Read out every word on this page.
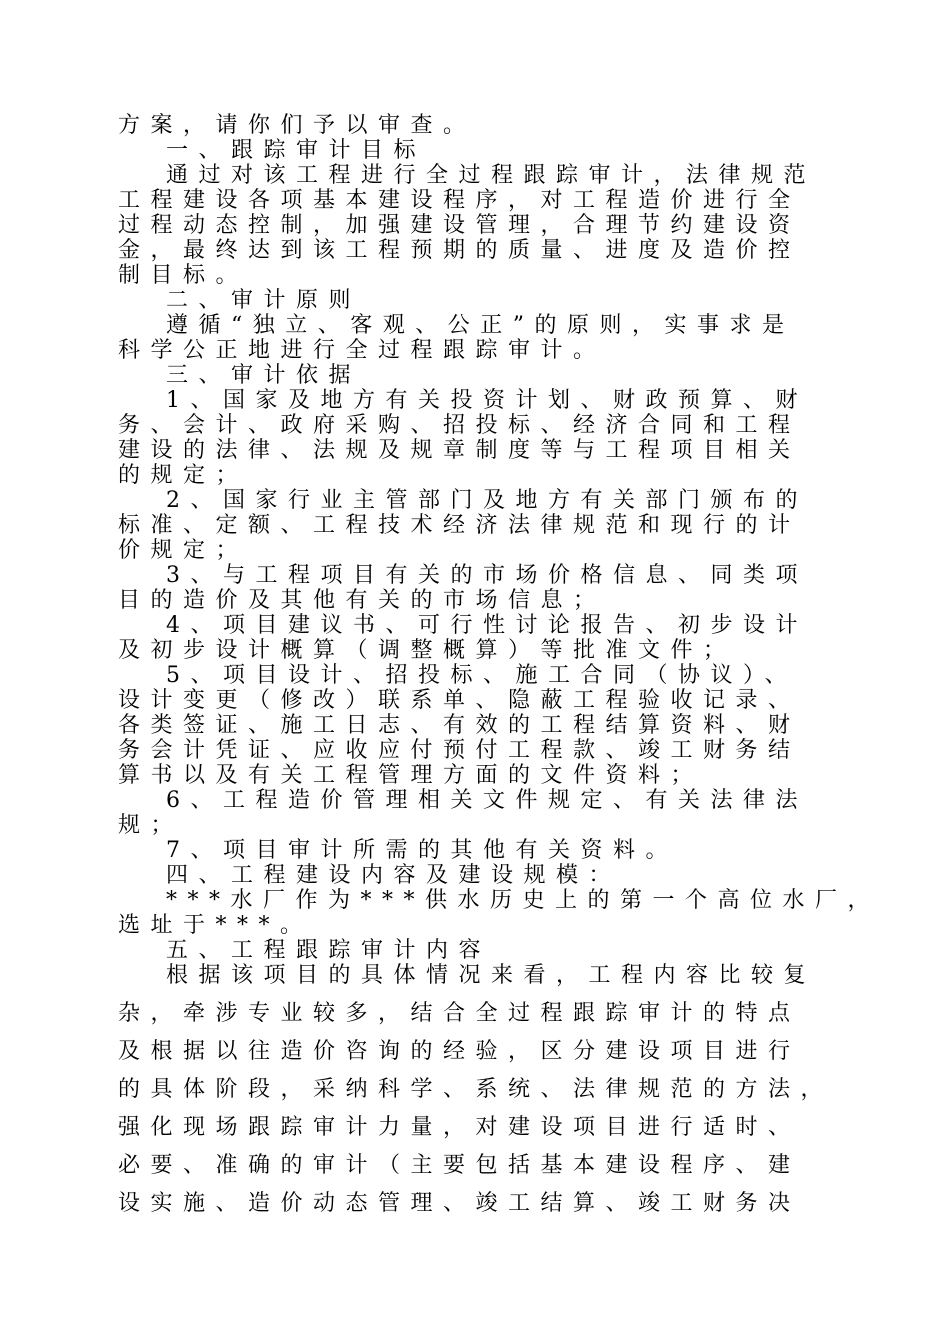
方案，请你们予以审查。
一、跟踪审计目标
通过对该工程进行全过程跟踪审计，法律规范
工程建设各项基本建设程序，对工程造价进行全
过程动态控制，加强建设管理，合理节约建设资
金，最终达到该工程预期的质量、进度及造价控
制目标。
二、审计原则
遵循“独立、客观、公正”的原则，实事求是
科学公正地进行全过程跟踪审计。
三、审计依据
1、国家及地方有关投资计划、财政预算、财
务、会计、政府采购、招投标、经济合同和工程
建设的法律、法规及规章制度等与工程项目相关
的规定；
2、国家行业主管部门及地方有关部门颁布的
标准、定额、工程技术经济法律规范和现行的计
价规定；
3、与工程项目有关的市场价格信息、同类项
目的造价及其他有关的市场信息；
4、项目建议书、可行性讨论报告、初步设计
及初步设计概算（调整概算）等批准文件；
5、项目设计、招投标、施工合同（协议）、
设计变更（修改）联系单、隐蔽工程验收记录、
各类签证、施工日志、有效的工程结算资料、财
务会计凭证、应收应付预付工程款、竣工财务结
算书以及有关工程管理方面的文件资料；
6、工程造价管理相关文件规定、有关法律法
规；
7、项目审计所需的其他有关资料。
四、工程建设内容及建设规模：
***水厂作为***供水历史上的第一个高位水厂，
选址于***。
五、工程跟踪审计内容
根据该项目的具体情况来看，工程内容比较复
杂，牵涉专业较多，结合全过程跟踪审计的特点
及根据以往造价咨询的经验，区分建设项目进行
的具体阶段，采纳科学、系统、法律规范的方法，
强化现场跟踪审计力量，对建设项目进行适时、
必要、准确的审计（主要包括基本建设程序、建
设实施、造价动态管理、竣工结算、竣工财务决
